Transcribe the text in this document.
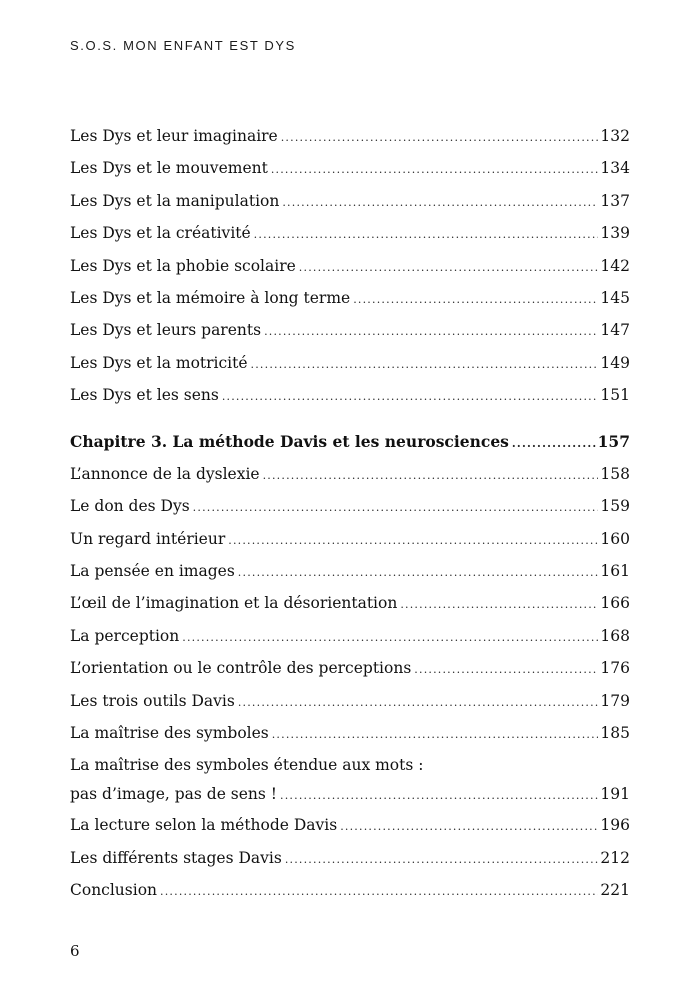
S.O.S. MON ENFANT EST DYS
Les Dys et leur imaginaire .....	132
Les Dys et le mouvement .....	134
Les Dys et la manipulation .....	137
Les Dys et la créativité .....	139
Les Dys et la phobie scolaire .....	142
Les Dys et la mémoire à long terme .....	145
Les Dys et leurs parents .....	147
Les Dys et la motricité .....	149
Les Dys et les sens .....	151
Chapitre 3. La méthode Davis et les neurosciences .....	157
L’annonce de la dyslexie .....	158
Le don des Dys .....	159
Un regard intérieur .....	160
La pensée en images .....	161
L’œil de l’imagination et la désorientation .....	166
La perception .....	168
L’orientation ou le contrôle des perceptions .....	176
Les trois outils Davis .....	179
La maîtrise des symboles .....	185
La maîtrise des symboles étendue aux mots :
pas d’image, pas de sens ! .....	191
La lecture selon la méthode Davis .....	196
Les différents stages Davis .....	212
Conclusion .....	221
6
